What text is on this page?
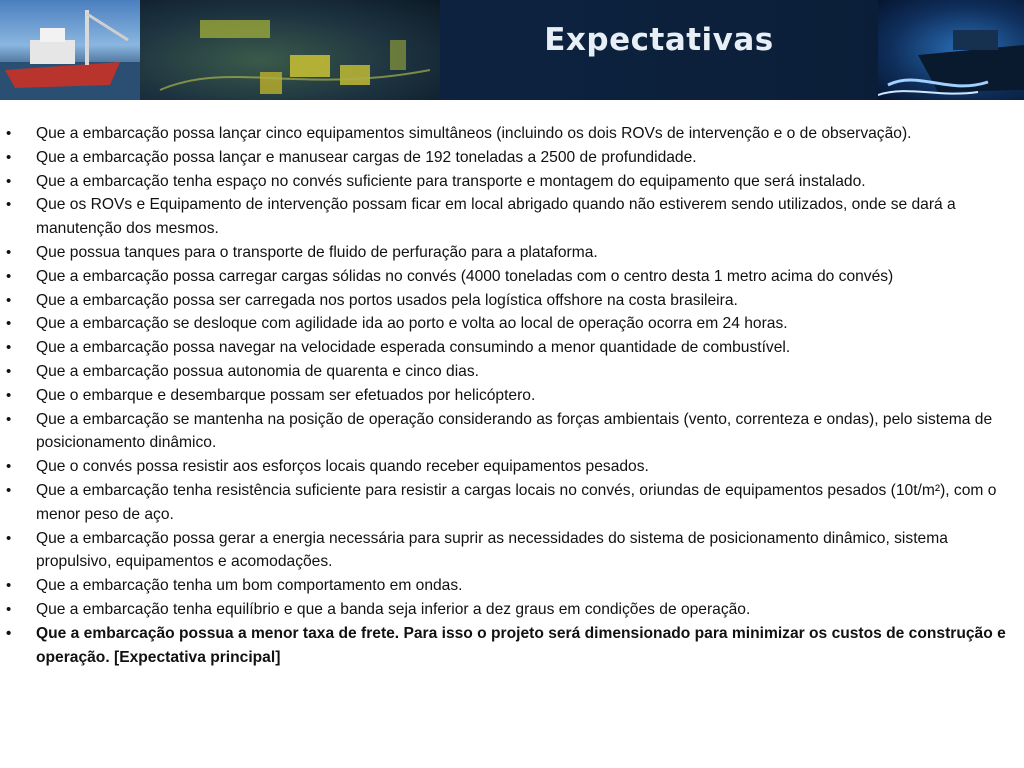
Expectativas
• Que a embarcação possa lançar cinco equipamentos simultâneos (incluindo os dois ROVs de intervenção e o de observação).
• Que a embarcação possa lançar e manusear cargas de 192 toneladas a 2500 de profundidade.
• Que a embarcação tenha espaço no convés suficiente para transporte e montagem do equipamento que será instalado.
• Que os ROVs e Equipamento de intervenção possam ficar em local abrigado quando não estiverem sendo utilizados, onde se dará a manutenção dos mesmos.
• Que possua tanques para o transporte de fluido de perfuração para a plataforma.
• Que a embarcação possa carregar cargas sólidas no convés (4000 toneladas com o centro desta 1 metro acima do convés)
• Que a embarcação possa ser carregada nos portos usados pela logística offshore na costa brasileira.
• Que a embarcação se desloque com agilidade ida ao porto e volta ao local de operação ocorra em 24 horas.
• Que a embarcação possa navegar na velocidade esperada consumindo a menor quantidade de combustível.
• Que a embarcação possua autonomia de quarenta e cinco dias.
• Que o embarque e desembarque possam ser efetuados por helicóptero.
• Que a embarcação se mantenha na posição de operação considerando as forças ambientais (vento, correnteza e ondas), pelo sistema de posicionamento dinâmico.
• Que o convés possa resistir aos esforços locais quando receber equipamentos pesados.
• Que a embarcação tenha resistência suficiente para resistir a cargas locais no convés, oriundas de equipamentos pesados (10t/m²), com o menor peso de aço.
• Que a embarcação possa gerar a energia necessária para suprir as necessidades do sistema de posicionamento dinâmico, sistema propulsivo, equipamentos e acomodações.
• Que a embarcação tenha um bom comportamento em ondas.
• Que a embarcação tenha equilíbrio e que a banda seja inferior a dez graus em condições de operação.
• Que a embarcação possua a menor taxa de frete. Para isso o projeto será dimensionado para minimizar os custos de construção e operação. [Expectativa principal]
